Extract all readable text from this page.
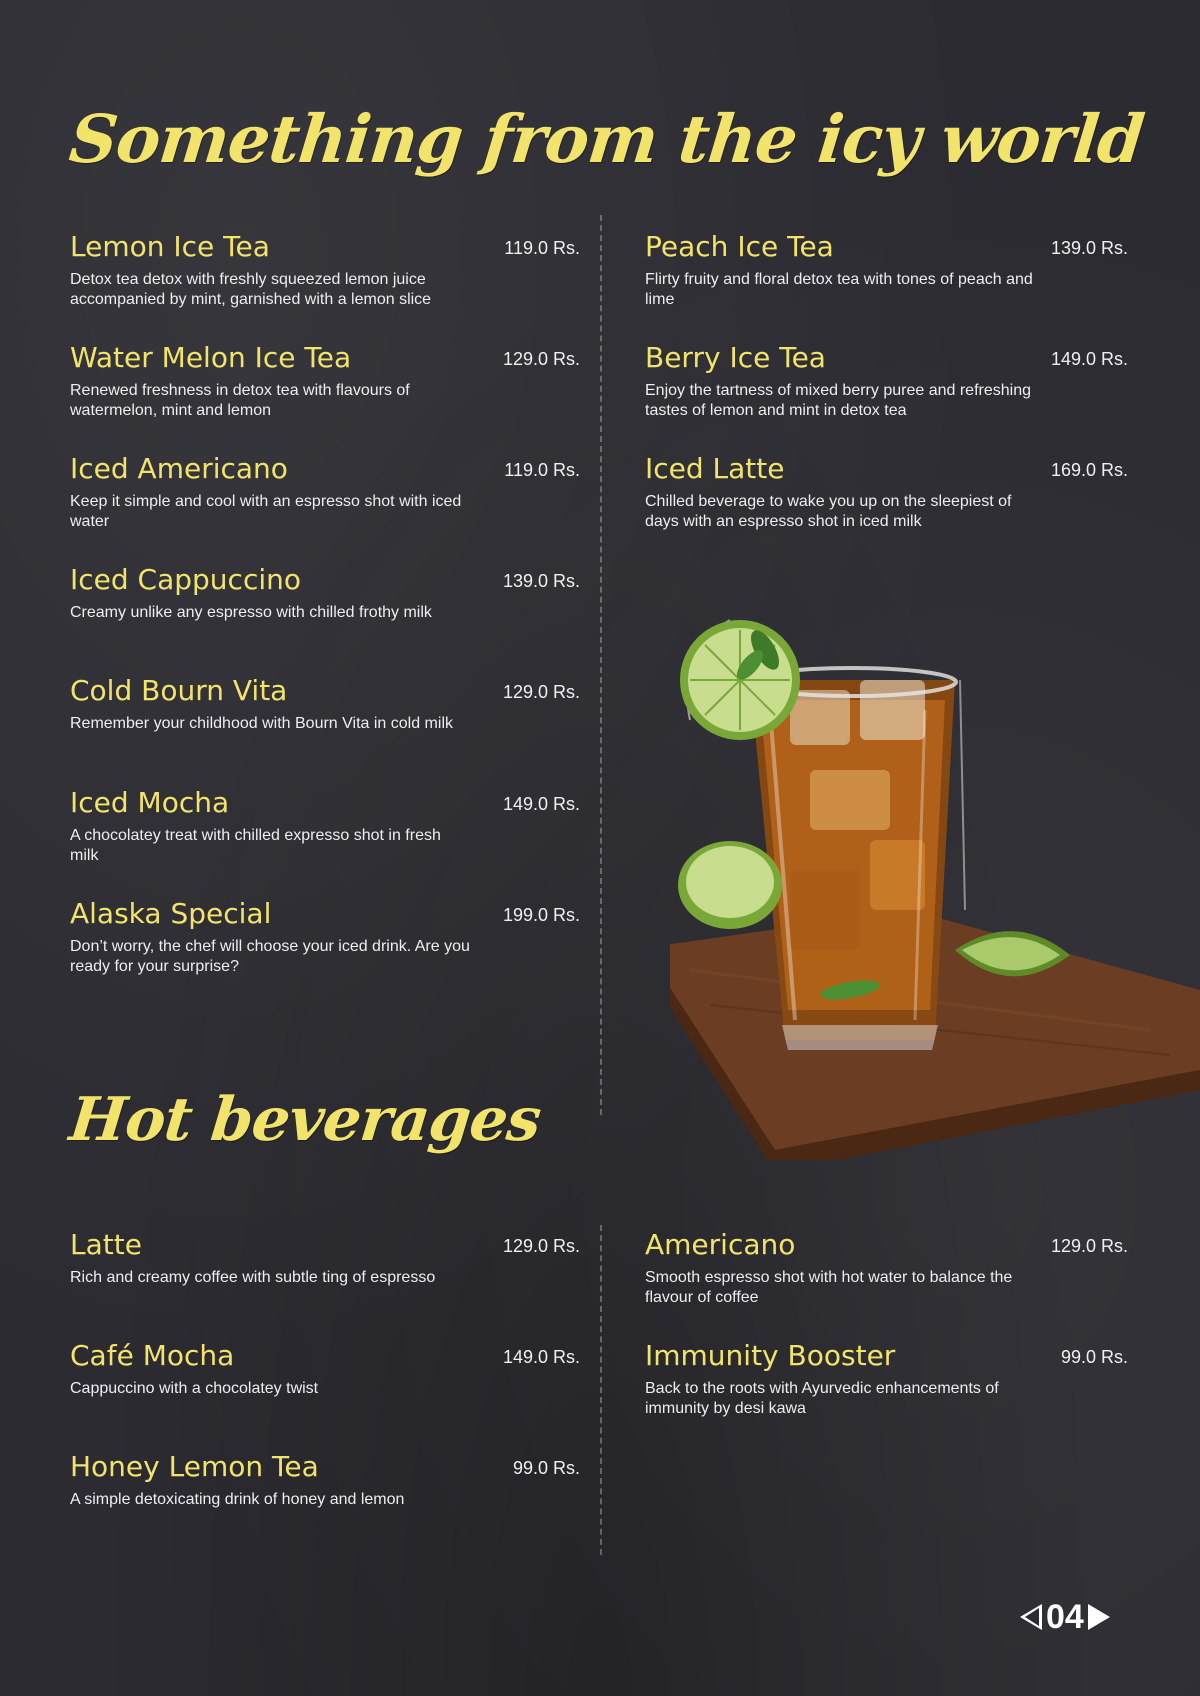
Something from the icy world
Lemon Ice Tea	119.0 Rs.
Detox tea detox with freshly squeezed lemon juice accompanied by mint, garnished with a lemon slice
Water Melon Ice Tea	129.0 Rs.
Renewed freshness in detox tea with flavours of watermelon, mint and lemon
Iced Americano	119.0 Rs.
Keep it simple and cool with an espresso shot with iced water
Iced Cappuccino	139.0 Rs.
Creamy unlike any espresso with chilled frothy milk
Cold Bourn Vita	129.0 Rs.
Remember your childhood with Bourn Vita in cold milk
Iced Mocha	149.0 Rs.
A chocolatey treat with chilled expresso shot in fresh milk
Alaska Special	199.0 Rs.
Don’t worry, the chef will choose your iced drink. Are you ready for your surprise?
Peach Ice Tea	139.0 Rs.
Flirty fruity and floral detox tea with tones of peach and lime
Berry Ice Tea	149.0 Rs.
Enjoy the tartness of mixed berry puree and refreshing tastes of lemon and mint in detox tea
Iced Latte	169.0 Rs.
Chilled beverage to wake you up on the sleepiest of days with an espresso shot in iced milk
Hot beverages
Latte	129.0 Rs.
Rich and creamy coffee with subtle ting of espresso
Café Mocha	149.0 Rs.
Cappuccino with a chocolatey twist
Honey Lemon Tea	99.0 Rs.
A simple detoxicating drink of honey and lemon
Americano	129.0 Rs.
Smooth espresso shot with hot water to balance the flavour of coffee
Immunity Booster	99.0 Rs.
Back to the roots with Ayurvedic enhancements of immunity by desi kawa
04
